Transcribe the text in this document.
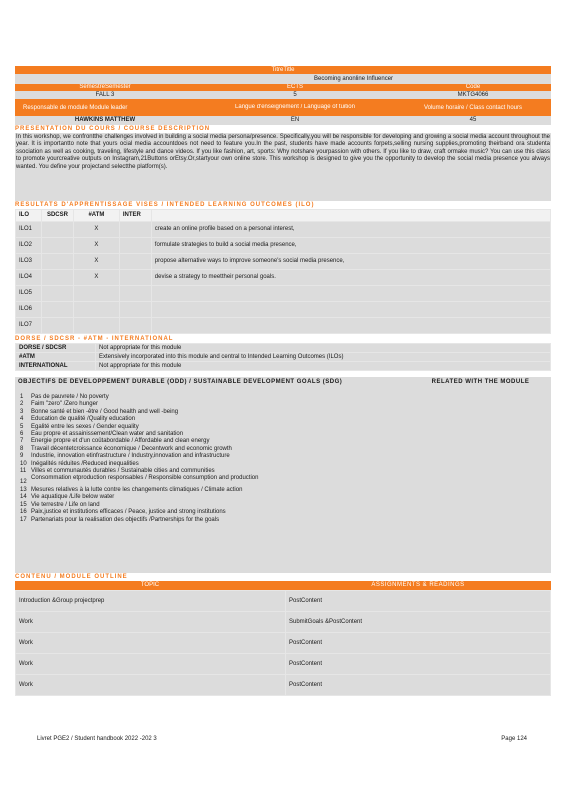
TitreTitle
Becoming anonline Influencer
SemestreSemester	ECTS	Code
FALL 3	5	MKTG4066
Responsable de module Module leader	Langue d'enseignement / Language of tuition	Volume horaire / Class contact hours
HAWKINS MATTHEW	EN	45
PRESENTATION DU COURS / COURSE DESCRIPTION
In this workshop, we confrontthe challenges involved in building a social media persona/presence. Specifically,you will be responsible for developing and growing a social media account throughout the year. It is importantto note that yours ocial media accountdoes not need to feature you.In the past, students have made accounts forpets,selling nursing supplies,promoting theirband ora studenta ssociation as well as cooking, traveling, lifestyle and dance videos. If you like fashion, art, sports: Why notshare yourpassion with others. If you like to draw, craft ormake music? You can use this class to promote yourcreative outputs on Instagram,21Buttons orEtsy.Or,startyour own online store. This workshop is designed to give you the opportunity to develop the social media presence you always wanted. You define your projectand selectthe platform(s).
RESULTATS D'APPRENTISSAGE VISES / INTENDED LEARNING OUTCOMES (ILO)
ILO	SDCSR	#ATM	INTER	
ILO1		X		create an online profile based on a personal interest,
ILO2		X		formulate strategies to build a social media presence,
ILO3		X		propose alternative ways to improve someone's social media presence,
ILO4		X		devise a strategy to meettheir personal goals.
ILO5				
ILO6				
ILO7				
DORSE / SDCSR - #ATM - INTERNATIONAL
DORSE / SDCSR	Not appropriate for this module
#ATM	Extensively incorporated into this module and central to Intended Learning Outcomes (ILOs)
INTERNATIONAL	Not appropriate for this module
OBJECTIFS DE DEVELOPPEMENT DURABLE (ODD) / SUSTAINABLE DEVELOPMENT GOALS (SDG)	RELATED WITH THE MODULE
1	Pas de pauvrete / No poverty
2	Faim "zero" /Zero hunger
3	Bonne santé et bien -être / Good health and well -being
4	Education de qualité /Quality education
5	Egalité entre les sexes / Gender equality
6	Eau propre et assainissement/Clean water and sanitation
7	Energie propre et d'un coûtabordable / Affordable and clean energy
8	Travail décentetcroissance économique / Decentwork and economic growth
9	Industrie, innovation etinfrastructure / Industry,innovation and infrastructure
10 Inégalités réduites /Reduced inequalities
11 Villes et communautés durables / Sustainable cities and communities
12
Consommation etproduction responsables / Responsible consumption and production
13 Mesures relatives à la lutte contre les changements climatiques / Climate action
14 Vie aquatique /Life below water
15 Vie terrestre / Life on land
16 Paix,justice et institutions efficaces / Peace, justice and strong institutions
17 Partenariats pour la realisation des objectifs /Partnerships for the goals
CONTENU / MODULE OUTLINE
TOPIC	ASSIGNMENTS & READINGS
Introduction &Group projectprep	PostContent
Work	SubmitGoals &PostContent
Work	PostContent
Work	PostContent
Work	PostContent
Livret PGE2 / Student handbook 2022 -202 3	Page 124
